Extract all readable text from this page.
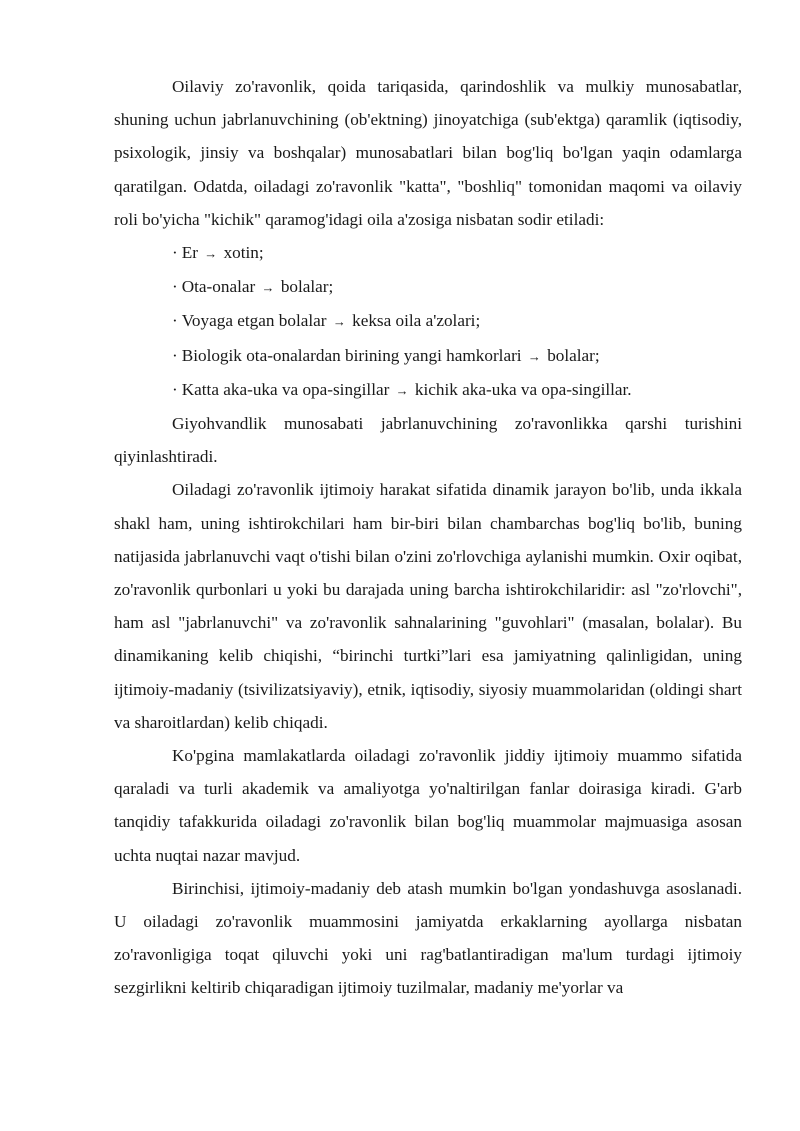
Oilaviy zo'ravonlik, qoida tariqasida, qarindoshlik va mulkiy munosabatlar, shuning uchun jabrlanuvchining (ob'ektning) jinoyatchiga (sub'ektga) qaramlik (iqtisodiy, psixologik, jinsiy va boshqalar) munosabatlari bilan bog'liq bo'lgan yaqin odamlarga qaratilgan. Odatda, oiladagi zo'ravonlik "katta", "boshliq" tomonidan maqomi va oilaviy roli bo'yicha "kichik" qaramog'idagi oila a'zosiga nisbatan sodir etiladi:

· Er → xotin;
· Ota-onalar → bolalar;
· Voyaga etgan bolalar → keksa oila a'zolari;
· Biologik ota-onalardan birining yangi hamkorlari → bolalar;
· Katta aka-uka va opa-singillar → kichik aka-uka va opa-singillar.

Giyohvandlik munosabati jabrlanuvchining zo'ravonlikka qarshi turishini qiyinlashtiradi.

Oiladagi zo'ravonlik ijtimoiy harakat sifatida dinamik jarayon bo'lib, unda ikkala shakl ham, uning ishtirokchilari ham bir-biri bilan chambarchas bog'liq bo'lib, buning natijasida jabrlanuvchi vaqt o'tishi bilan o'zini zo'rlovchiga aylanishi mumkin. Oxir oqibat, zo'ravonlik qurbonlari u yoki bu darajada uning barcha ishtirokchilaridir: asl "zo'rlovchi", ham asl "jabrlanuvchi" va zo'ravonlik sahnalarining "guvohlari" (masalan, bolalar). Bu dinamikaning kelib chiqishi, “birinchi turtki”lari esa jamiyatning qalinligidan, uning ijtimoiy-madaniy (tsivilizatsiyaviy), etnik, iqtisodiy, siyosiy muammolaridan (oldingi shart va sharoitlardan) kelib chiqadi.

Ko'pgina mamlakatlarda oiladagi zo'ravonlik jiddiy ijtimoiy muammo sifatida qaraladi va turli akademik va amaliyotga yo'naltirilgan fanlar doirasiga kiradi. G'arb tanqidiy tafakkurida oiladagi zo'ravonlik bilan bog'liq muammolar majmuasiga asosan uchta nuqtai nazar mavjud.

Birinchisi, ijtimoiy-madaniy deb atash mumkin bo'lgan yondashuvga asoslanadi. U oiladagi zo'ravonlik muammosini jamiyatda erkaklarning ayollarga nisbatan zo'ravonligiga toqat qiluvchi yoki uni rag'batlantiradigan ma'lum turdagi ijtimoiy sezgirlikni keltirib chiqaradigan ijtimoiy tuzilmalar, madaniy me'yorlar va
